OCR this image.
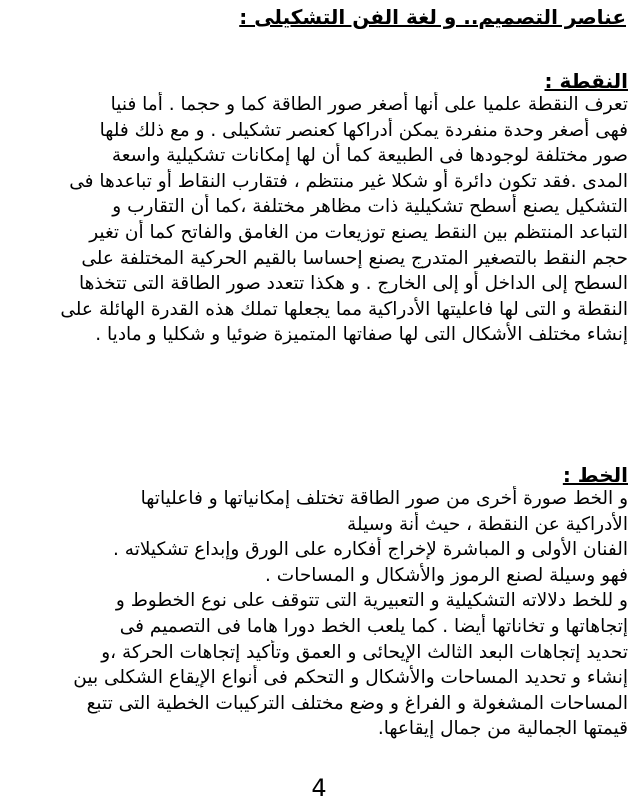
عناصر التصميم.. و لغة الفن التشكيلى :
النقطة :
تعرف النقطة علميا على أنها أصغر صور الطاقة كما و حجما . أما فنيا
فهى أصغر وحدة منفردة يمكن أدراكها كعنصر تشكيلى . و مع ذلك فلها
صور مختلفة لوجودها فى الطبيعة كما أن لها إمكانات تشكيلية واسعة
المدى .فقد تكون دائرة أو شكلا غير منتظم ، فتقارب النقاط أو تباعدها فى
التشكيل يصنع أسطح تشكيلية ذات مظاهر مختلفة ،كما أن التقارب و
التباعد المنتظم بين النقط يصنع توزيعات من الغامق والفاتح كما أن تغير
حجم النقط بالتصغير المتدرج يصنع إحساسا بالقيم الحركية المختلفة على
السطح إلى الداخل أو إلى الخارج . و هكذا تتعدد صور الطاقة التى تتخذها
النقطة و التى لها فاعليتها الأدراكية مما يجعلها تملك هذه القدرة الهائلة على
إنشاء مختلف الأشكال التى لها صفاتها المتميزة ضوئيا و شكليا و ماديا .
الخط :
و الخط صورة أخرى من صور الطاقة تختلف إمكانياتها و فاعلياتها
الأدراكية عن النقطة ، حيث أنة وسيلة
الفنان الأولى و المباشرة لإخراج أفكاره على الورق وإبداع تشكيلاته .
فهو وسيلة لصنع الرموز والأشكال و المساحات .
و للخط دلالاته التشكيلية و التعبيرية التى تتوقف على نوع الخطوط و
إتجاهاتها و تخاناتها أيضا . كما يلعب الخط دورا هاما فى التصميم فى
تحديد إتجاهات البعد الثالث الإيحائى و العمق وتأكيد إتجاهات الحركة ،و
إنشاء و تحديد المساحات والأشكال و التحكم فى أنواع الإيقاع الشكلى بين
المساحات المشغولة و الفراغ و وضع مختلف التركيبات الخطية التى تتبع
قيمتها الجمالية من جمال إيقاعها.
4
